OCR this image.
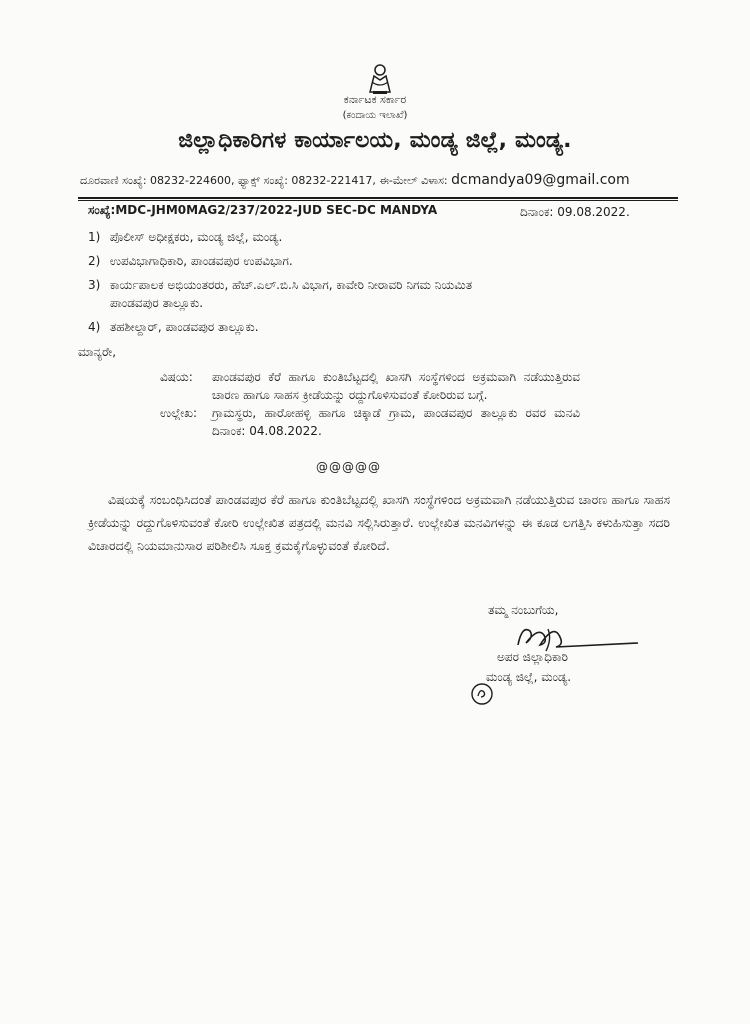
ಕರ್ನಾಟಕ ಸರ್ಕಾರ
(ಕಂದಾಯ ಇಲಾಖೆ)
ಜಿಲ್ಲಾಧಿಕಾರಿಗಳ ಕಾರ್ಯಾಲಯ, ಮಂಡ್ಯ ಜಿಲ್ಲೆ, ಮಂಡ್ಯ.
ದೂರವಾಣಿ ಸಂಖ್ಯೆ: 08232-224600, ಫ್ಯಾಕ್ಸ್ ಸಂಖ್ಯೆ: 08232-221417, ಈ-ಮೇಲ್ ವಿಳಾಸ: dcmandya09@gmail.com
ಸಂಖ್ಯೆ:MDC-JHM0MAG2/237/2022-JUD SEC-DC MANDYA	ದಿನಾಂಕ: 09.08.2022.
1) ಪೊಲೀಸ್ ಅಧೀಕ್ಷಕರು, ಮಂಡ್ಯ ಜಿಲ್ಲೆ, ಮಂಡ್ಯ.
2) ಉಪವಿಭಾಗಾಧಿಕಾರಿ, ಪಾಂಡವಪುರ ಉಪವಿಭಾಗ.
3) ಕಾರ್ಯಪಾಲಕ ಅಭಿಯಂತರರು, ಹೆಚ್.ಎಲ್.ಬಿ.ಸಿ ವಿಭಾಗ, ಕಾವೇರಿ ನೀರಾವರಿ ನಿಗಮ ನಿಯಮಿತ
ಪಾಂಡವಪುರ ತಾಲ್ಲೂಕು.
4) ತಹಶೀಲ್ದಾರ್, ಪಾಂಡವಪುರ ತಾಲ್ಲೂಕು.
ಮಾನ್ಯರೇ,
ವಿಷಯ:	ಪಾಂಡವಪುರ ಕೆರೆ ಹಾಗೂ ಕುಂತಿಬೆಟ್ಟದಲ್ಲಿ ಖಾಸಗಿ ಸಂಸ್ಥೆಗಳಿಂದ ಅಕ್ರಮವಾಗಿ ನಡೆಯುತ್ತಿರುವ ಚಾರಣ ಹಾಗೂ ಸಾಹಸ ಕ್ರೀಡೆಯನ್ನು ರದ್ದುಗೊಳಿಸುವಂತೆ ಕೋರಿರುವ ಬಗ್ಗೆ.
ಉಲ್ಲೇಖ:	ಗ್ರಾಮಸ್ಥರು, ಹಾರೋಹಳ್ಳಿ ಹಾಗೂ ಚಿಕ್ಕಾಡೆ ಗ್ರಾಮ, ಪಾಂಡವಪುರ ತಾಲ್ಲೂಕು ರವರ ಮನವಿ ದಿನಾಂಕ: 04.08.2022.
@@@@@
ವಿಷಯಕ್ಕೆ ಸಂಬಂಧಿಸಿದಂತೆ ಪಾಂಡವಪುರ ಕೆರೆ ಹಾಗೂ ಕುಂತಿಬೆಟ್ಟದಲ್ಲಿ ಖಾಸಗಿ ಸಂಸ್ಥೆಗಳಿಂದ ಅಕ್ರಮವಾಗಿ ನಡೆಯುತ್ತಿರುವ ಚಾರಣ ಹಾಗೂ ಸಾಹಸ ಕ್ರೀಡೆಯನ್ನು ರದ್ದುಗೊಳಿಸುವಂತೆ ಕೋರಿ ಉಲ್ಲೇಖಿತ ಪತ್ರದಲ್ಲಿ ಮನವಿ ಸಲ್ಲಿಸಿರುತ್ತಾರೆ. ಉಲ್ಲೇಖಿತ ಮನವಿಗಳನ್ನು ಈ ಕೂಡ ಲಗತ್ತಿಸಿ ಕಳುಹಿಸುತ್ತಾ ಸದರಿ ವಿಚಾರದಲ್ಲಿ ನಿಯಮಾನುಸಾರ ಪರಿಶೀಲಿಸಿ ಸೂಕ್ತ ಕ್ರಮಕೈಗೊಳ್ಳುವಂತೆ ಕೋರಿದೆ.
ತಮ್ಮ ನಂಬುಗೆಯ,
ಅಪರ ಜಿಲ್ಲಾಧಿಕಾರಿ
ಮಂಡ್ಯ ಜಿಲ್ಲೆ, ಮಂಡ್ಯ.
